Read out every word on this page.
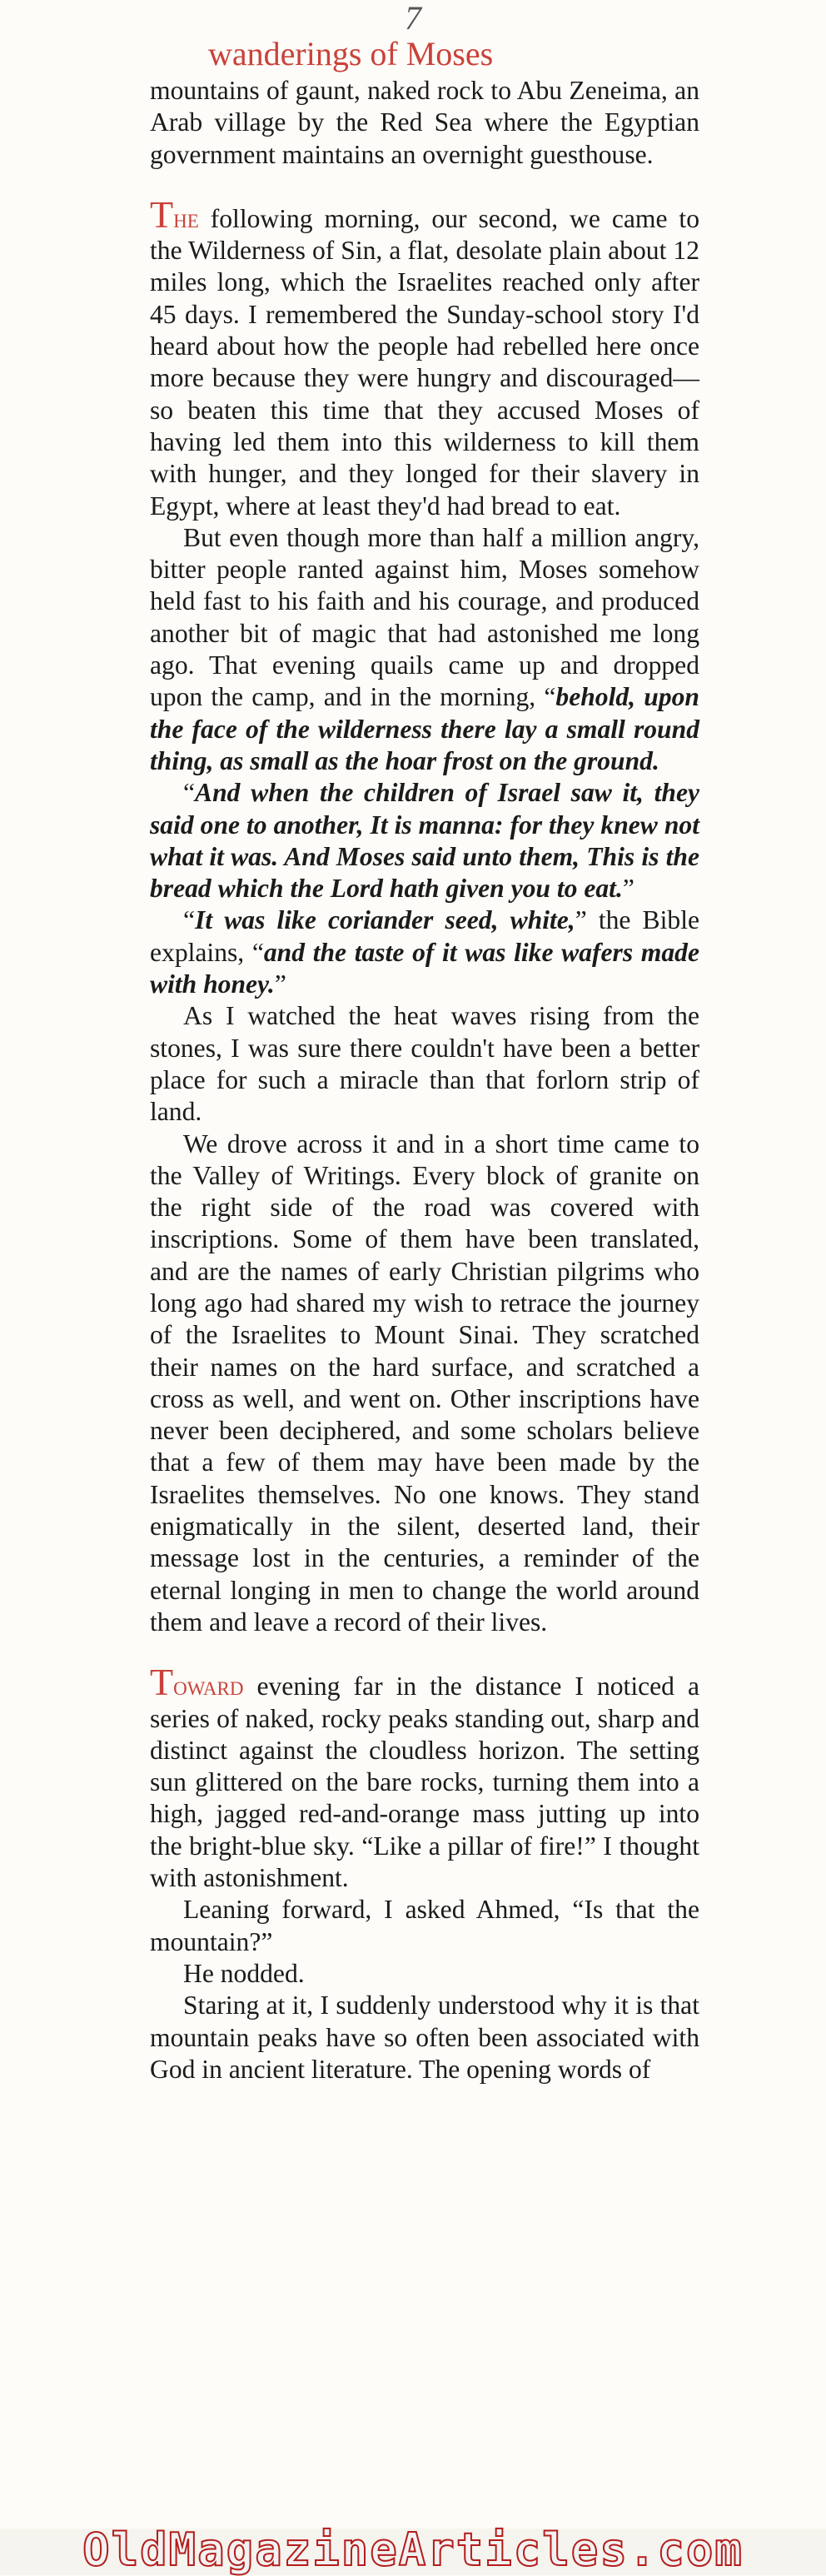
7
wanderings of Moses

mountains of gaunt, naked rock to Abu Zeneima, an Arab village by the Red Sea where the Egyptian government maintains an overnight guesthouse.

The following morning, our second, we came to the Wilderness of Sin, a flat, desolate plain about 12 miles long, which the Israelites reached only after 45 days. I remembered the Sunday-school story I'd heard about how the people had rebelled here once more because they were hungry and discouraged—so beaten this time that they accused Moses of having led them into this wilderness to kill them with hunger, and they longed for their slavery in Egypt, where at least they'd had bread to eat.

But even though more than half a million angry, bitter people ranted against him, Moses somehow held fast to his faith and his courage, and produced another bit of magic that had astonished me long ago. That evening quails came up and dropped upon the camp, and in the morning, “behold, upon the face of the wilderness there lay a small round thing, as small as the hoar frost on the ground.

“And when the children of Israel saw it, they said one to another, It is manna: for they knew not what it was. And Moses said unto them, This is the bread which the Lord hath given you to eat.”

“It was like coriander seed, white,” the Bible explains, “and the taste of it was like wafers made with honey.”

As I watched the heat waves rising from the stones, I was sure there couldn't have been a better place for such a miracle than that forlorn strip of land.

We drove across it and in a short time came to the Valley of Writings. Every block of granite on the right side of the road was covered with inscriptions. Some of them have been translated, and are the names of early Christian pilgrims who long ago had shared my wish to retrace the journey of the Israelites to Mount Sinai. They scratched their names on the hard surface, and scratched a cross as well, and went on. Other inscriptions have never been deciphered, and some scholars believe that a few of them may have been made by the Israelites themselves. No one knows. They stand enigmatically in the silent, deserted land, their message lost in the centuries, a reminder of the eternal longing in men to change the world around them and leave a record of their lives.

Toward evening far in the distance I noticed a series of naked, rocky peaks standing out, sharp and distinct against the cloudless horizon. The setting sun glittered on the bare rocks, turning them into a high, jagged red-and-orange mass jutting up into the bright-blue sky. “Like a pillar of fire!” I thought with astonishment.

Leaning forward, I asked Ahmed, “Is that the mountain?”

He nodded.

Staring at it, I suddenly understood why it is that mountain peaks have so often been associated with God in ancient literature. The opening words of

OldMagazineArticles.com
